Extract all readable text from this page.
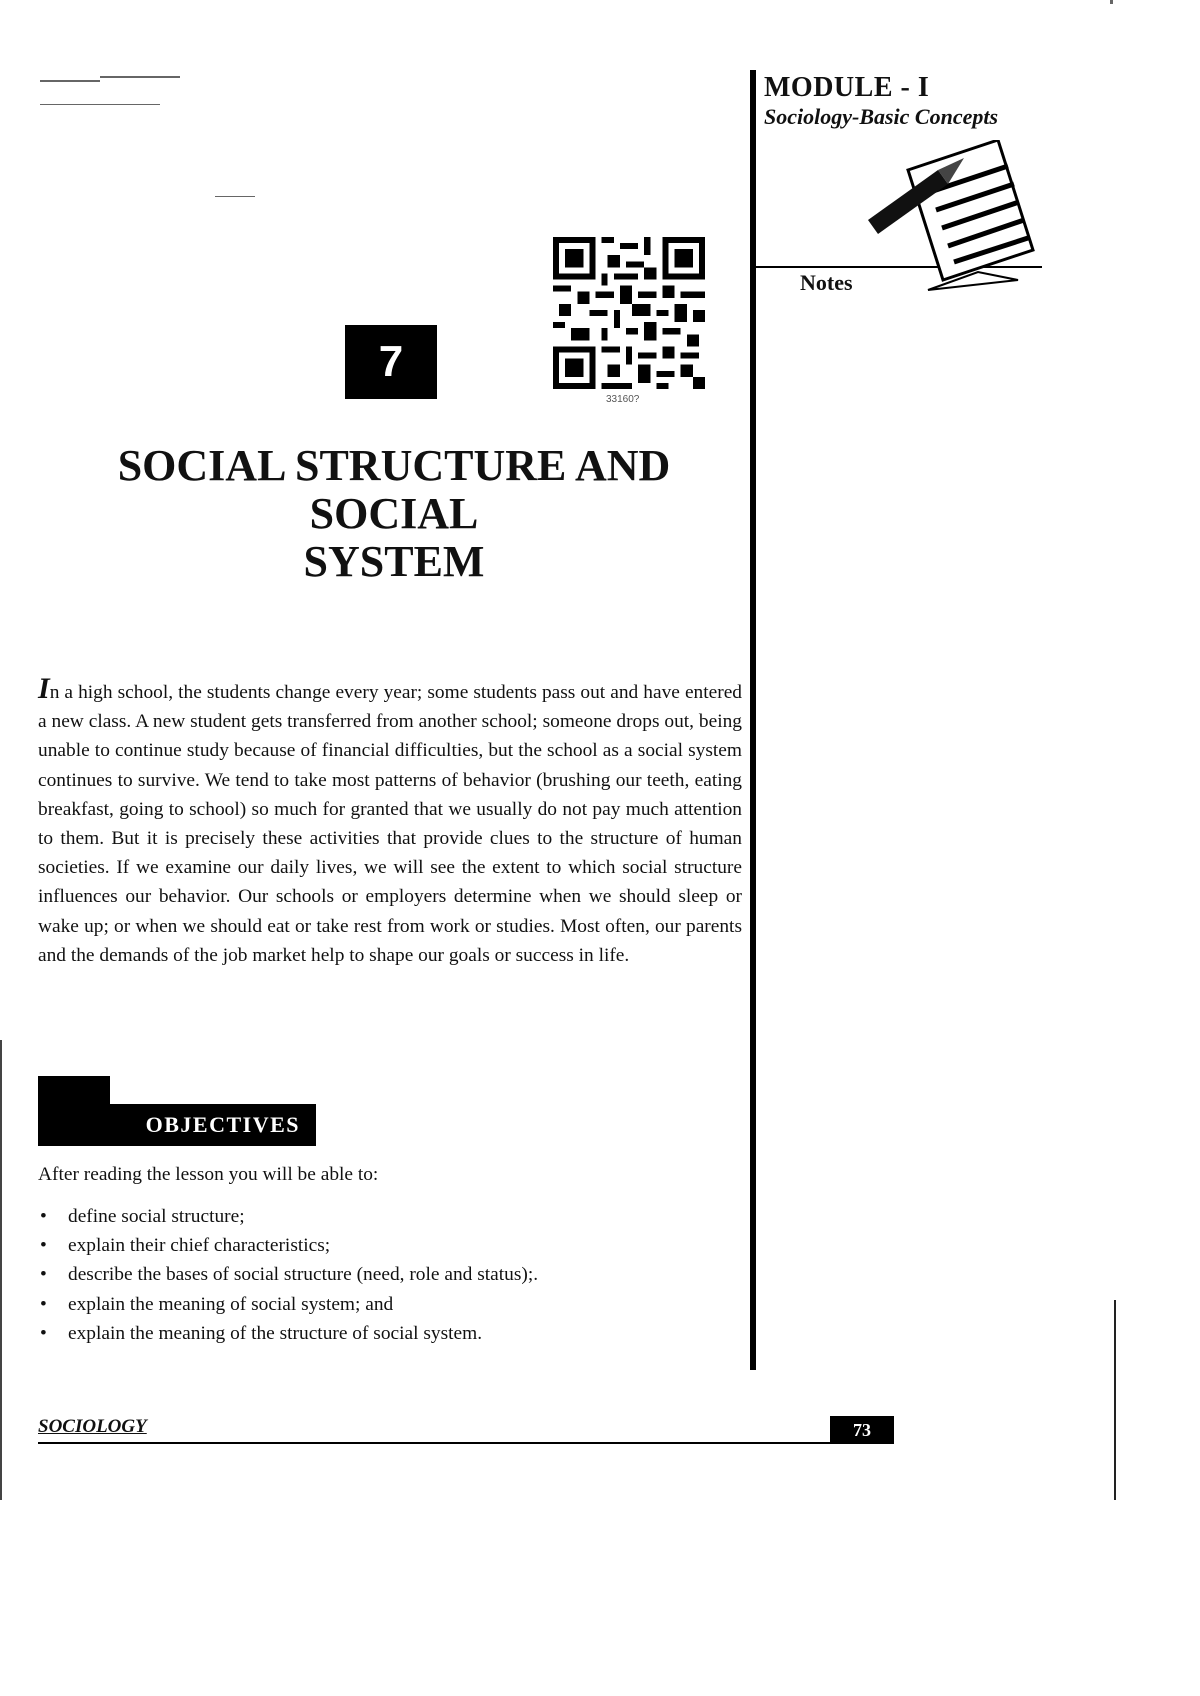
MODULE - I
Sociology-Basic Concepts
Notes
7
33160?
SOCIAL STRUCTURE AND SOCIAL
SYSTEM
In a high school, the students change every year; some students pass out and have entered a new class. A new student gets transferred from another school; someone drops out, being unable to continue study because of financial difficulties, but the school as a social system continues to survive. We tend to take most patterns of behavior (brushing our teeth, eating breakfast, going to school) so much for granted that we usually do not pay much attention to them. But it is precisely these activities that provide clues to the structure of human societies. If we examine our daily lives, we will see the extent to which social structure influences our behavior. Our schools or employers determine when we should sleep or wake up; or when we should eat or take rest from work or studies. Most often, our parents and the demands of the job market help to shape our goals or success in life.
OBJECTIVES
After reading the lesson you will be able to:
• define social structure;
• explain their chief characteristics;
• describe the bases of social structure (need, role and status);.
• explain the meaning of social system; and
• explain the meaning of the structure of social system.
SOCIOLOGY	73
